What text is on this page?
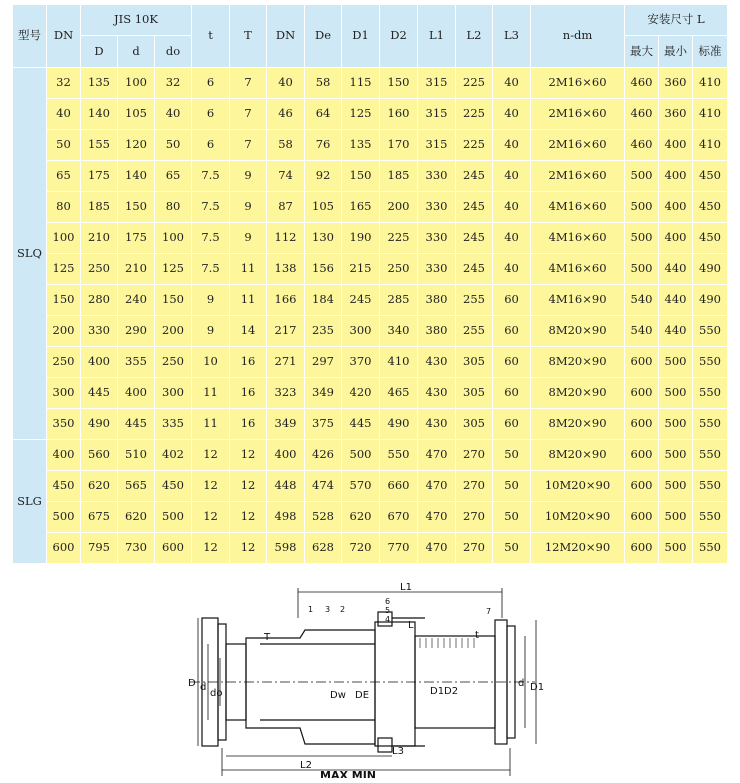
型号	DN	JIS 10K			t	T	DN	De	D1	D2	L1	L2	L3	n-dm	安装尺寸 L		
		D	d	do											最大	最小	标准
SLQ	32	135	100	32	6	7	40	58	115	150	315	225	40	2M16×60	460	360	410
	40	140	105	40	6	7	46	64	125	160	315	225	40	2M16×60	460	360	410
	50	155	120	50	6	7	58	76	135	170	315	225	40	2M16×60	460	400	410
	65	175	140	65	7.5	9	74	92	150	185	330	245	40	2M16×60	500	400	450
	80	185	150	80	7.5	9	87	105	165	200	330	245	40	4M16×60	500	400	450
	100	210	175	100	7.5	9	112	130	190	225	330	245	40	4M16×60	500	400	450
	125	250	210	125	7.5	11	138	156	215	250	330	245	40	4M16×60	500	440	490
	150	280	240	150	9	11	166	184	245	285	380	255	60	4M16×90	540	440	490
	200	330	290	200	9	14	217	235	300	340	380	255	60	8M20×90	540	440	550
	250	400	355	250	10	16	271	297	370	410	430	305	60	8M20×90	600	500	550
	300	445	400	300	11	16	323	349	420	465	430	305	60	8M20×90	600	500	550
	350	490	445	335	11	16	349	375	445	490	430	305	60	8M20×90	600	500	550
SLG	400	560	510	402	12	12	400	426	500	550	470	270	50	8M20×90	600	500	550
	450	620	565	450	12	12	448	474	570	660	470	270	50	10M20×90	600	500	550
	500	675	620	500	12	12	498	528	620	670	470	270	50	10M20×90	600	500	550
	600	795	730	600	12	12	598	628	720	770	470	270	50	12M20×90	600	500	550
L1
L2
L3
L
T	t
D d
do	Dw DE	D1 D2
d D1
1 3 2
6
5
4
7
MAX MIN
